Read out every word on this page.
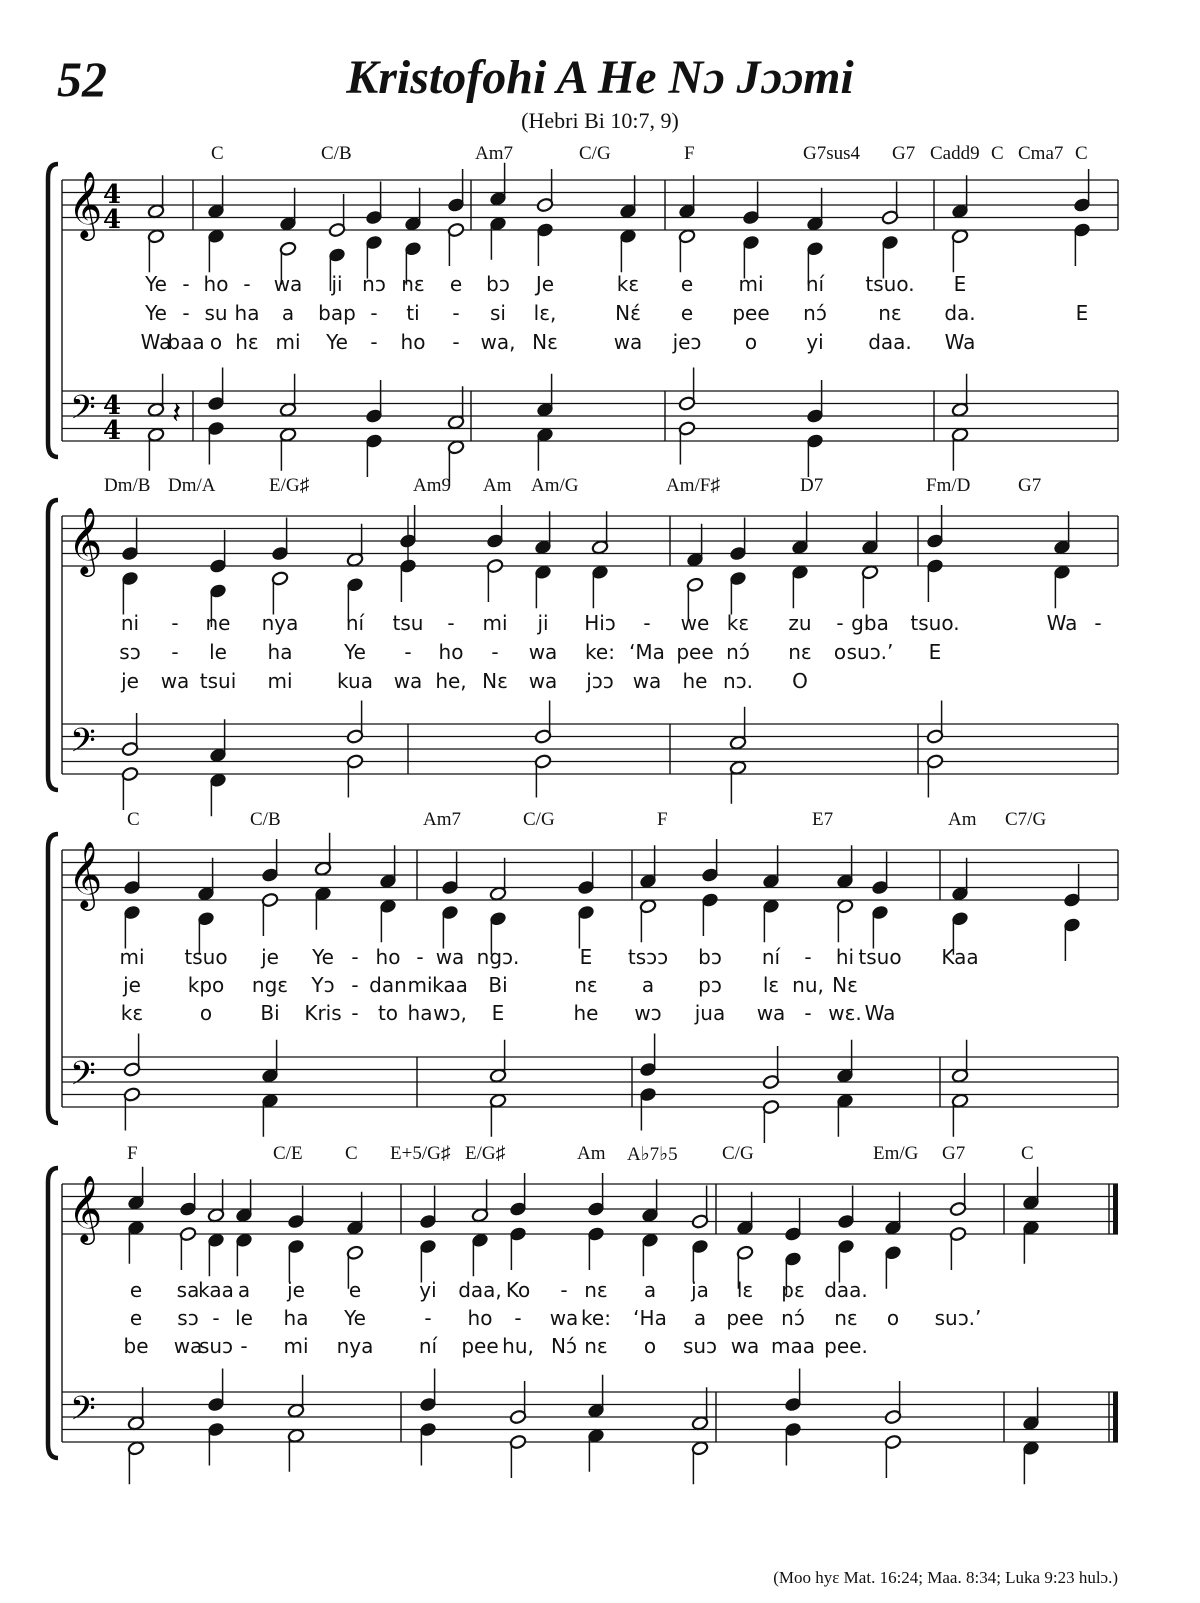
52	Kristofohi A He Nɔ Jɔɔmi
(Hebri Bi 10:7, 9)
𝄞
𝄢
4
4
4
4 𝄽
𝄞
𝄢
𝄞
𝄢
𝄞
𝄢
C	C/B	Am7	C/G	F	G7sus4 G7 Cadd9 C Cma7 C
Ye - ho - wa ji nɔ nɛ e bɔ Je	kɛ e mi ní tsuo. E
Ye - su ha a bap - ti - si lɛ,	Nɛ́ e pee nɔ́	nɛ da.	E
Wa
baa o hɛ mi Ye - ho - wa, Nɛ	wa jeɔ o yi daa. Wa
Dm/B Dm/A	E/G♯	Am9 Am Am/G	Am/F♯	D7	Fm/D	G7
ni - ne nya ní tsu - mi ji Hiɔ - we kɛ zu - gba tsuo.	Wa -
sɔ - le ha	Ye - ho - wa ke: ‘Ma pee nɔ́ nɛ o suɔ.’ E
je wa tsui mi kua wa he, Nɛ wa jɔɔ wa he nɔ. O
C	C/B	Am7	C/G	F	E7	Am C7/G
mi tsuo je Ye - ho - wa ngɔ.	E tsɔɔ bɔ ní - hi tsuo Kaa
je kpo ngɛ Yɔ - dan mi kaa Bi	nɛ a pɔ lɛ nu, Nɛ
kɛ	o Bi Kris - to ha wɔ, E	he wɔ jua wa - wɛ. Wa
F	C/E C E+5/G♯ E/G♯	Am A♭7♭5 C/G	Em/G G7	C
e sa
kaa a je e	yi daa, Ko - nɛ a ja lɛ pɛ daa.
e sɔ - le ha Ye	- ho - wa ke: ‘Ha a pee nɔ́ nɛ o suɔ.’
be wa
suɔ - mi nya ní pee hu, Nɔ́ nɛ o suɔ wa maa pee.
(Moo hyɛ Mat. 16:24; Maa. 8:34; Luka 9:23 hulɔ.)
